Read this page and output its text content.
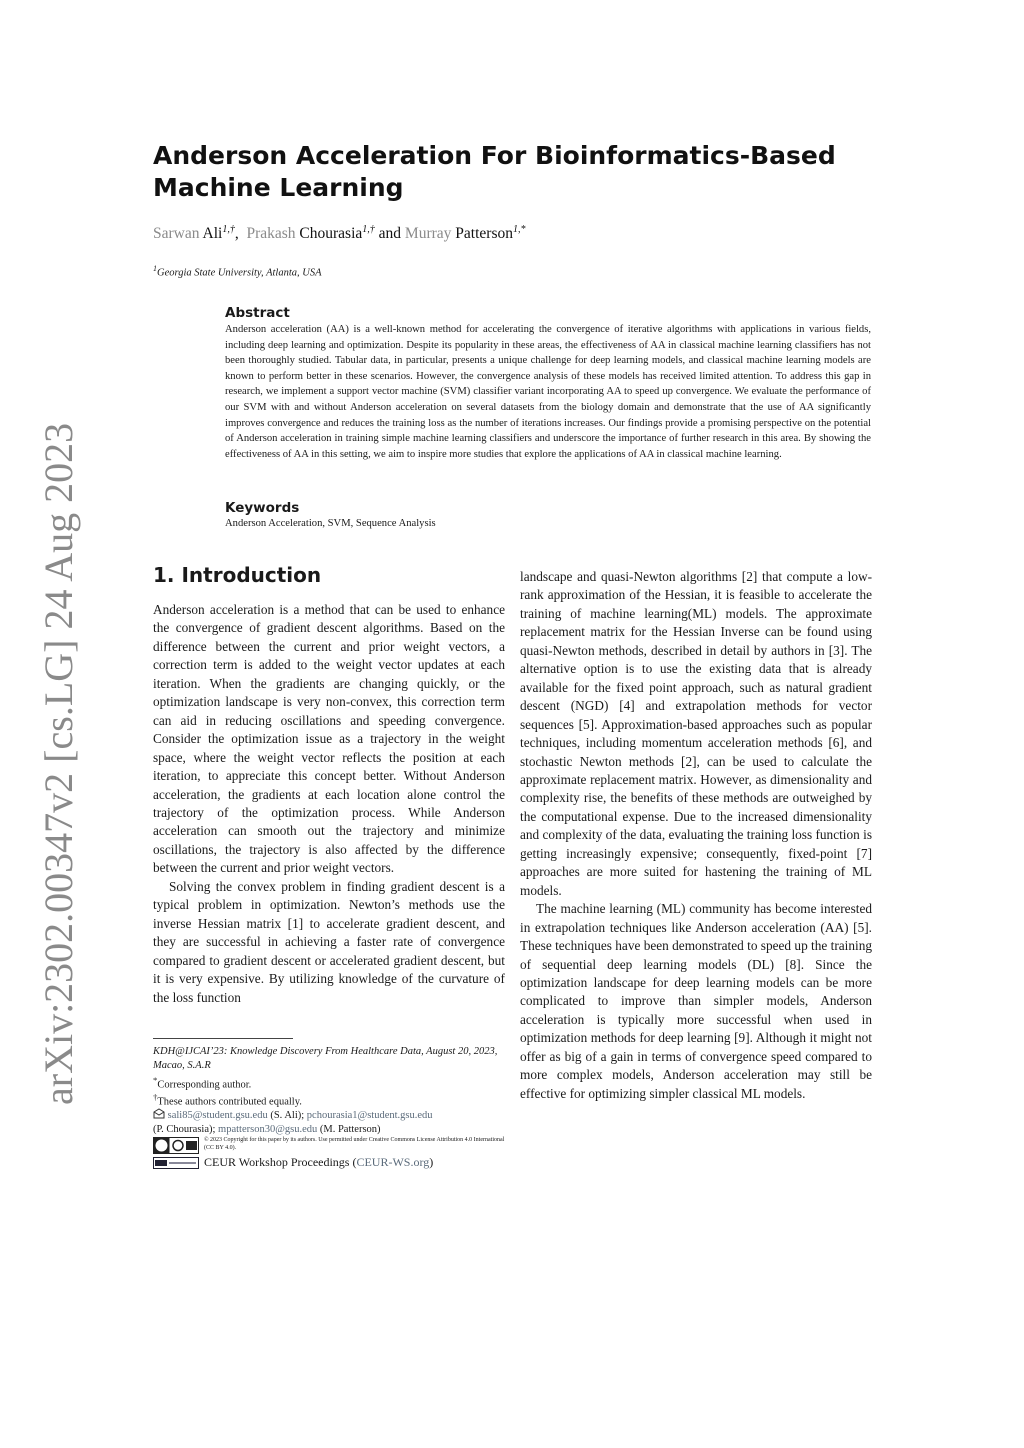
arXiv:2302.00347v2 [cs.LG] 24 Aug 2023
Anderson Acceleration For Bioinformatics-Based Machine Learning
Sarwan Ali$^{1,\dagger}$, Prakash Chourasia$^{1,\dagger}$ and Murray Patterson$^{1,*}$
$^1$Georgia State University, Atlanta, USA
Abstract
Anderson acceleration (AA) is a well-known method for accelerating the convergence of iterative algorithms with applications in various fields, including deep learning and optimization. Despite its popularity in these areas, the effectiveness of AA in classical machine learning classifiers has not been thoroughly studied. Tabular data, in particular, presents a unique challenge for deep learning models, and classical machine learning models are known to perform better in these scenarios. However, the convergence analysis of these models has received limited attention. To address this gap in research, we implement a support vector machine (SVM) classifier variant incorporating AA to speed up convergence. We evaluate the performance of our SVM with and without Anderson acceleration on several datasets from the biology domain and demonstrate that the use of AA significantly improves convergence and reduces the training loss as the number of iterations increases. Our findings provide a promising perspective on the potential of Anderson acceleration in training simple machine learning classifiers and underscore the importance of further research in this area. By showing the effectiveness of AA in this setting, we aim to inspire more studies that explore the applications of AA in classical machine learning.
Keywords
Anderson Acceleration, SVM, Sequence Analysis
1. Introduction

Anderson acceleration is a method that can be used to enhance the convergence of gradient descent algorithms. Based on the difference between the current and prior weight vectors, a correction term is added to the weight vector updates at each iteration. When the gradients are changing quickly, or the optimization landscape is very non-convex, this correction term can aid in reducing oscillations and speeding convergence. Consider the optimization issue as a trajectory in the weight space, where the weight vector reflects the position at each iteration, to appreciate this concept better. Without Anderson acceleration, the gradients at each location alone control the trajectory of the optimization process. While Anderson acceleration can smooth out the trajectory and minimize oscillations, the trajectory is also affected by the difference between the current and prior weight vectors.

Solving the convex problem in finding gradient descent is a typical problem in optimization. Newton’s methods use the inverse Hessian matrix [1] to accelerate gradient descent, and they are successful in achieving a faster rate of convergence compared to gradient descent or accelerated gradient descent, but it is very expensive. By utilizing knowledge of the curvature of the loss function

landscape and quasi-Newton algorithms [2] that compute a low-rank approximation of the Hessian, it is feasible to accelerate the training of machine learning(ML) models. The approximate replacement matrix for the Hessian Inverse can be found using quasi-Newton methods, described in detail by authors in [3]. The alternative option is to use the existing data that is already available for the fixed point approach, such as natural gradient descent (NGD) [4] and extrapolation methods for vector sequences [5]. Approximation-based approaches such as popular techniques, including momentum acceleration methods [6], and stochastic Newton methods [2], can be used to calculate the approximate replacement matrix. However, as dimensionality and complexity rise, the benefits of these methods are outweighed by the computational expense. Due to the increased dimensionality and complexity of the data, evaluating the training loss function is getting increasingly expensive; consequently, fixed-point [7] approaches are more suited for hastening the training of ML models.

The machine learning (ML) community has become interested in extrapolation techniques like Anderson acceleration (AA) [5]. These techniques have been demonstrated to speed up the training of sequential deep learning models (DL) [8]. Since the optimization landscape for deep learning models can be more complicated to improve than simpler models, Anderson acceleration is typically more successful when used in optimization methods for deep learning [9]. Although it might not offer as big of a gain in terms of convergence speed compared to more complex models, Anderson acceleration may still be effective for optimizing simpler classical ML models.

KDH@IJCAI’23: Knowledge Discovery From Healthcare Data, August 20, 2023, Macao, S.A.R
*Corresponding author.
†These authors contributed equally.
sali85@student.gsu.edu (S. Ali); pchourasia1@student.gsu.edu
(P. Chourasia); mpatterson30@gsu.edu (M. Patterson)
© 2023 Copyright for this paper by its authors. Use permitted under Creative Commons License Attribution 4.0 International (CC BY 4.0).
CEUR Workshop Proceedings (CEUR-WS.org)
